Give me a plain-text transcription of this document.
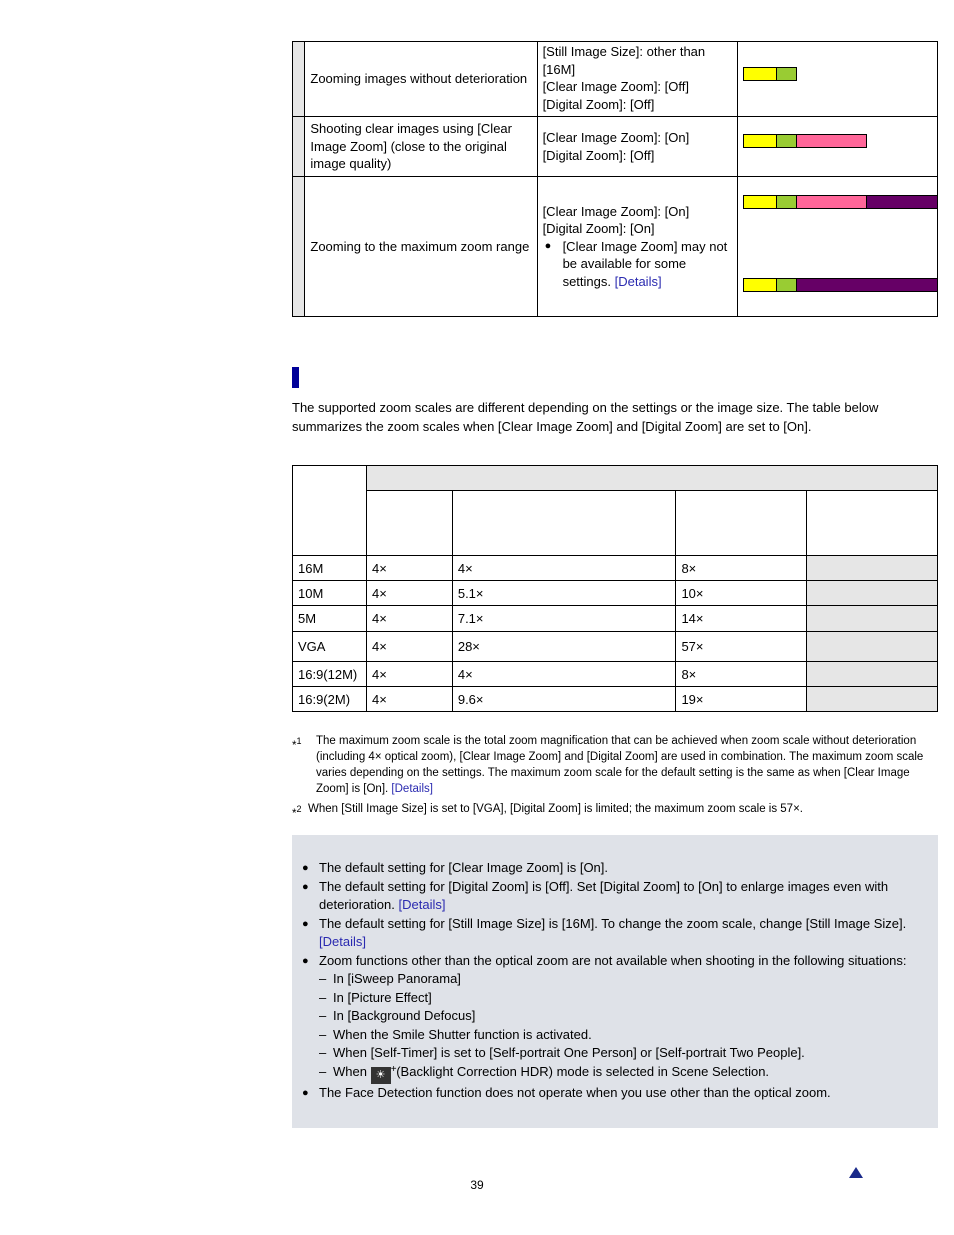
	Zooming images without deterioration	[Still Image Size]: other than [16M]
[Clear Image Zoom]: [Off]
[Digital Zoom]: [Off]	

	Shooting clear images using [Clear Image Zoom] (close to the original image quality)	[Clear Image Zoom]: [On]
[Digital Zoom]: [Off]	

	Zooming to the maximum zoom range	[Clear Image Zoom]: [On]
[Digital Zoom]: [On]
● [Clear Image Zoom] may not be available for some settings. [Details]

The supported zoom scales are different depending on the settings or the image size. The table below summarizes the zoom scales when [Clear Image Zoom] and [Digital Zoom] are set to [On].

16M	4×	4×	8×	
10M	4×	5.1×	10×	
5M	4×	7.1×	14×	
VGA	4×	28×	57×	
16:9(12M)	4×	4×	8×	
16:9(2M)	4×	9.6×	19×	
*$^1$ The maximum zoom scale is the total zoom magnification that can be achieved when zoom scale without deterioration (including 4× optical zoom), [Clear Image Zoom] and [Digital Zoom] are used in combination. The maximum zoom scale varies depending on the settings. The maximum zoom scale for the default setting is the same as when [Clear Image Zoom] is [On]. [Details]
*$^2$ When [Still Image Size] is set to [VGA], [Digital Zoom] is limited; the maximum zoom scale is 57×.
● The default setting for [Clear Image Zoom] is [On].
● The default setting for [Digital Zoom] is [Off]. Set [Digital Zoom] to [On] to enlarge images even with deterioration. [Details]
● The default setting for [Still Image Size] is [16M]. To change the zoom scale, change [Still Image Size]. [Details]
● Zoom functions other than the optical zoom are not available when shooting in the following situations:
– In [iSweep Panorama]
– In [Picture Effect]
– In [Background Defocus]
– When the Smile Shutter function is activated.
– When [Self-Timer] is set to [Self-portrait One Person] or [Self-portrait Two People].
– When ☀ + (Backlight Correction HDR) mode is selected in Scene Selection.
● The Face Detection function does not operate when you use other than the optical zoom.
39
